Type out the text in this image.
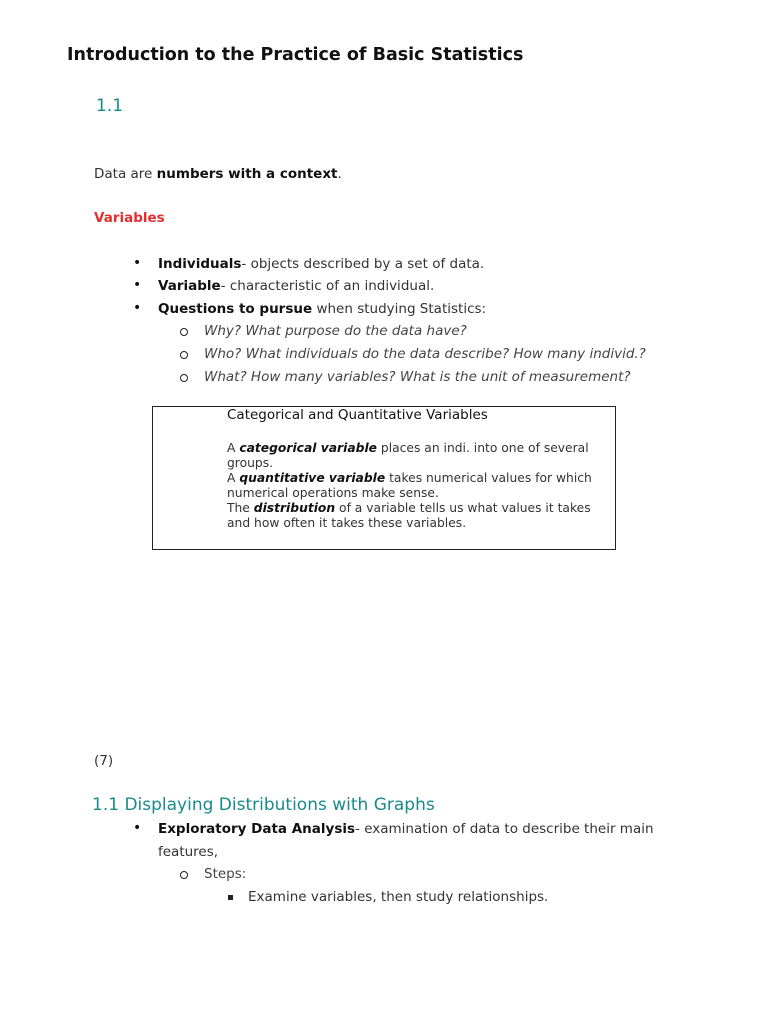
Introduction to the Practice of Basic Statistics
1.1
Data are numbers with a context.
Variables
Individuals- objects described by a set of data.
Variable- characteristic of an individual.
Questions to pursue when studying Statistics:
Why? What purpose do the data have?
Who? What individuals do the data describe? How many individ.?
What? How many variables? What is the unit of measurement?
Categorical and Quantitative Variables
A categorical variable places an indi. into one of several groups.
A quantitative variable takes numerical values for which numerical operations make sense.
The distribution of a variable tells us what values it takes and how often it takes these variables.
(7)
1.1 Displaying Distributions with Graphs
Exploratory Data Analysis- examination of data to describe their main
features,
Steps:
Examine variables, then study relationships.
